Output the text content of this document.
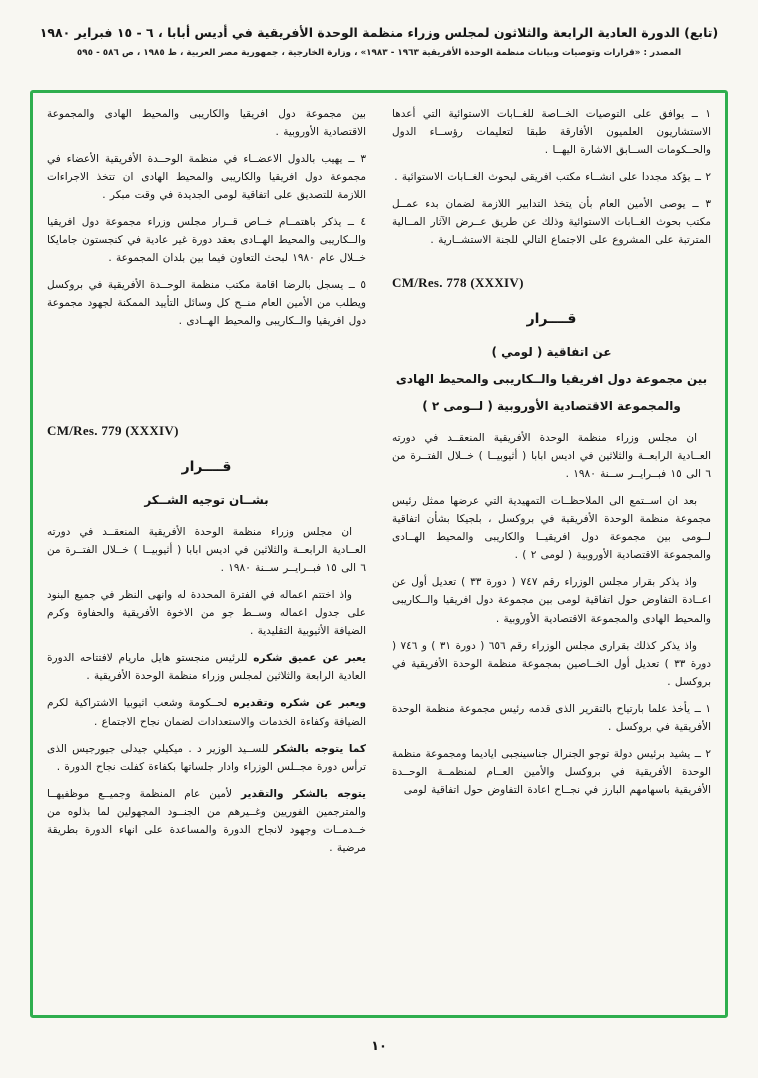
(تابع) الدورة العادية الرابعة والثلاثون لمجلس وزراء منظمة الوحدة الأفريقية في أديس أبابا ، ٦ - ١٥ فبراير ١٩٨٠
المصدر : «قرارات وتوصيات وبيانات منظمة الوحدة الأفريقية ١٩٦٣ - ١٩٨٣» ، وزارة الخارجية ، جمهورية مصر العربية ، ط ١٩٨٥ ، ص ٥٨٦ - ٥٩٥

١ ــ يوافق على التوصيات الخــاصة للغــابات الاستوائية التي أعدها الاستشاريون العلميون الأفارقة طبقا لتعليمات رؤســاء الدول والحــكومات الســابق الاشارة اليهــا .

٢ ــ يؤكد مجددا على انشــاء مكتب افريقى لبحوث الغــابات الاستوائية .

٣ ــ يوصى الأمين العام بأن يتخذ التدابير اللازمة لضمان بدء عمــل مكتب بحوث الغــابات الاستوائية وذلك عن طريق عــرض الآثار المــالية المترتبة على المشروع على الاجتماع التالي للجنة الاستشــارية .

CM/Res. 778 (XXXIV)
قــــرار
عن اتفاقية ( لومي )
بين مجموعة دول افريقيا والــكاريبى والمحيط الهادى
والمجموعة الاقتصادية الأوروبية ( لــومى ٢ )

ان مجلس وزراء منظمة الوحدة الأفريقية المنعقــد في دورته العــادية الرابعــة والثلاثين في اديس ابابا ( أثيوبيــا ) خــلال الفتــرة من ٦ الى ١٥ فبــرايــر ســنة ١٩٨٠ .

بعد ان اســتمع الى الملاحظــات التمهيدية التي عرضها ممثل رئيس مجموعة منظمة الوحدة الأفريقية في بروكسل ، بلجيكا بشأن اتفاقية لــومى بين مجموعة دول افريقيــا والكاريبى والمحيط الهــادى والمجموعة الاقتصادية الأوروبية ( لومى ٢ ) .

واذ يذكر بقرار مجلس الوزراء رقم ٧٤٧ ( دورة ٣٣ ) تعديل أول عن اعــادة التفاوض حول اتفاقية لومى بين مجموعة دول افريقيا والــكاريبى والمحيط الهادى والمجموعة الاقتصادية الأوروبية .

واذ يذكر كذلك بقرارى مجلس الوزراء رقم ٦٥٦ ( دورة ٣١ ) و ٧٤٦ ( دورة ٣٣ ) تعديل أول الخــاصين بمجموعة منظمة الوحدة الأفريقية في بروكسل .

١ ــ يأخذ علما بارتياح بالتقرير الذى قدمه رئيس مجموعة منظمة الوحدة الأفريقية في بروكسل .

٢ ــ يشيد برئيس دولة توجو الجنرال جناسينجبى اياديما ومجموعة منظمة الوحدة الأفريقية في بروكسل والأمين العــام لمنظمــة الوحــدة الأفريقية باسهامهم البارز في نجــاح اعادة التفاوض حول اتفاقية لومى

بين مجموعة دول افريقيا والكاريبى والمحيط الهادى والمجموعة الاقتصادية الأوروبية .

٣ ــ يهيب بالدول الاعضــاء في منظمة الوحــدة الأفريقية الأعضاء في مجموعة دول افريقيا والكاريبى والمحيط الهادى ان تتخذ الاجراءات اللازمة للتصديق على اتفاقية لومى الجديدة في وقت مبكر .

٤ ــ يذكر باهتمــام خــاص قــرار مجلس وزراء مجموعة دول افريقيا والــكاريبى والمحيط الهــادى بعقد دورة غير عادية في كنجستون جامايكا خــلال عام ١٩٨٠ لبحث التعاون فيما بين بلدان المجموعة .

٥ ــ يسجل بالرضا اقامة مكتب منظمة الوحــدة الأفريقية في بروكسل ويطلب من الأمين العام منــح كل وسائل التأييد الممكنة لجهود مجموعة دول افريقيا والــكاريبى والمحيط الهــادى .

CM/Res. 779 (XXXIV)
قــــرار
بشــان توجيه الشــكر

ان مجلس وزراء منظمة الوحدة الأفريقية المنعقــد في دورته العــادية الرابعــة والثلاثين في اديس ابابا ( أثيوبيــا ) خــلال الفتــرة من ٦ الى ١٥ فبــرايــر ســنة ١٩٨٠ .

واذ اختتم اعماله في الفترة المحددة له وانهى النظر في جميع البنود على جدول اعماله وســط جو من الاخوة الأفريقية والحفاوة وكرم الضيافة الأثيوبية التقليدية .

يعبر عن عميق شكره للرئيس منجستو هايل ماريام لافتتاحه الدورة العادية الرابعة والثلاثين لمجلس وزراء منظمة الوحدة الأفريقية .

ويعبر عن شكره وتقديره لحــكومة وشعب اثيوبيا الاشتراكية لكرم الضيافة وكفاءة الخدمات والاستعدادات لضمان نجاح الاجتماع .

كما يتوجه بالشكر للســيد الوزير د . ميكيلي جيدلى جيورجيس الذى ترأس دورة مجــلس الوزراء وادار جلساتها بكفاءة كفلت نجاح الدورة .

يتوجه بالشكر والتقدير لأمين عام المنظمة وجميــع موظفيهــا والمترجمين الفوريين وغــيرهم من الجنــود المجهولين لما بذلوه من خــدمــات وجهود لانجاح الدورة والمساعدة على انهاء الدورة بطريقة مرضية .

١٠
